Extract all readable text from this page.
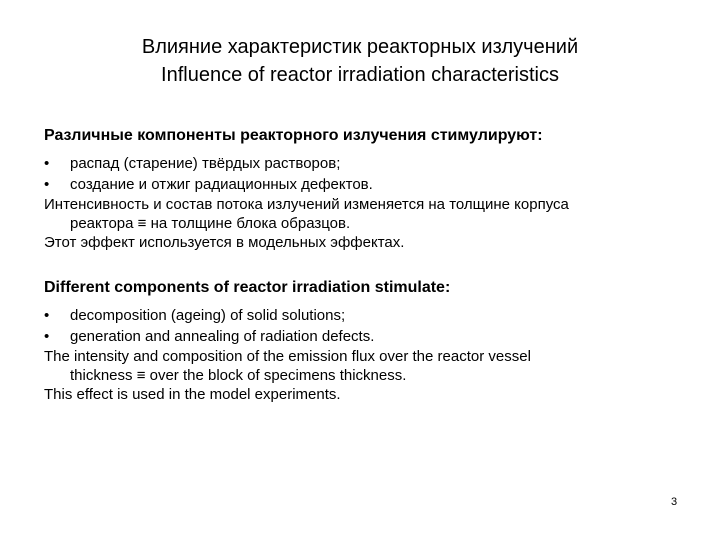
Влияние характеристик реакторных излучений
Influence of reactor irradiation characteristics
Различные компоненты реакторного излучения стимулируют:
• распад (старение) твёрдых растворов;
• создание и отжиг радиационных дефектов.
Интенсивность и состав потока излучений изменяется на толщине корпуса
реактора ≡ на толщине блока образцов.
Этот эффект используется в модельных эффектах.
Different components of reactor irradiation stimulate:
• decomposition (ageing) of solid solutions;
• generation and annealing of radiation defects.
The intensity and composition of the emission flux over the reactor vessel
thickness ≡ over the block of specimens thickness.
This effect is used in the model experiments.
3
